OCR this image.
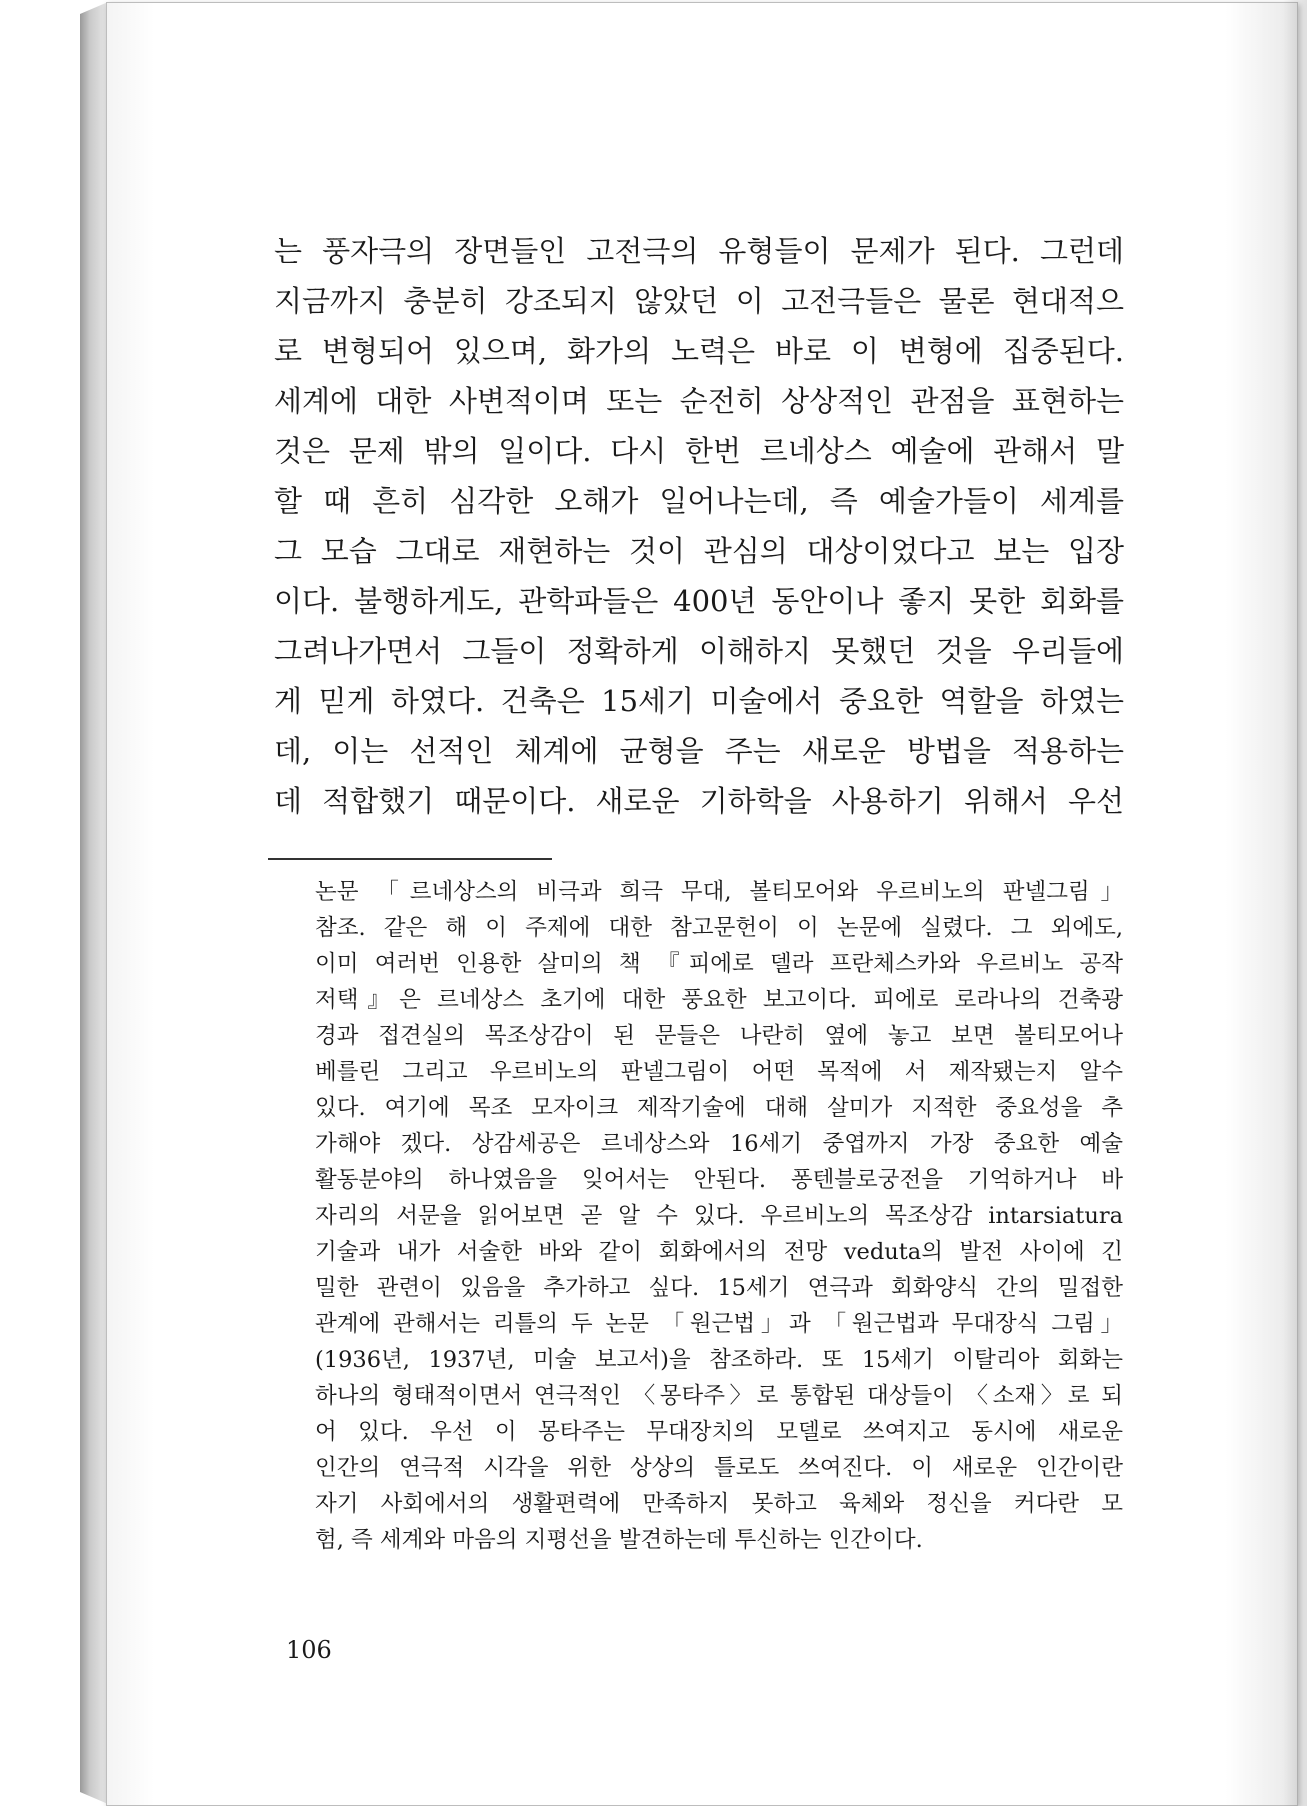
는 풍자극의 장면들인 고전극의 유형들이 문제가 된다. 그런데
지금까지 충분히 강조되지 않았던 이 고전극들은 물론 현대적으
로 변형되어 있으며, 화가의 노력은 바로 이 변형에 집중된다.
세계에 대한 사변적이며 또는 순전히 상상적인 관점을 표현하는
것은 문제 밖의 일이다. 다시 한번 르네상스 예술에 관해서 말
할 때 흔히 심각한 오해가 일어나는데, 즉 예술가들이 세계를
그 모습 그대로 재현하는 것이 관심의 대상이었다고 보는 입장
이다. 불행하게도, 관학파들은 400년 동안이나 좋지 못한 회화를
그려나가면서 그들이 정확하게 이해하지 못했던 것을 우리들에
게 믿게 하였다. 건축은 15세기 미술에서 중요한 역할을 하였는
데, 이는 선적인 체계에 균형을 주는 새로운 방법을 적용하는
데 적합했기 때문이다. 새로운 기하학을 사용하기 위해서 우선
논문 「르네상스의 비극과 희극 무대, 볼티모어와 우르비노의 판넬그림」
참조. 같은 해 이 주제에 대한 참고문헌이 이 논문에 실렸다. 그 외에도,
이미 여러번 인용한 살미의 책 『피에로 델라 프란체스카와 우르비노 공작
저택』은 르네상스 초기에 대한 풍요한 보고이다. 피에로 로라나의 건축광
경과 접견실의 목조상감이 된 문들은 나란히 옆에 놓고 보면 볼티모어나
베를린 그리고 우르비노의 판넬그림이 어떤 목적에 서 제작됐는지 알수
있다. 여기에 목조 모자이크 제작기술에 대해 살미가 지적한 중요성을 추
가해야 겠다. 상감세공은 르네상스와 16세기 중엽까지 가장 중요한 예술
활동분야의 하나였음을 잊어서는 안된다. 퐁텐블로궁전을 기억하거나 바
자리의 서문을 읽어보면 곧 알 수 있다. 우르비노의 목조상감 intarsiatura
기술과 내가 서술한 바와 같이 회화에서의 전망 veduta의 발전 사이에 긴
밀한 관련이 있음을 추가하고 싶다. 15세기 연극과 회화양식 간의 밀접한
관계에 관해서는 리틀의 두 논문 「원근법」과 「원근법과 무대장식 그림」
(1936년, 1937년, 미술 보고서)을 참조하라. 또 15세기 이탈리아 회화는
하나의 형태적이면서 연극적인 〈몽타주〉로 통합된 대상들이 〈소재〉로 되
어 있다. 우선 이 몽타주는 무대장치의 모델로 쓰여지고 동시에 새로운
인간의 연극적 시각을 위한 상상의 틀로도 쓰여진다. 이 새로운 인간이란
자기 사회에서의 생활편력에 만족하지 못하고 육체와 정신을 커다란 모
험, 즉 세계와 마음의 지평선을 발견하는데 투신하는 인간이다.
106
